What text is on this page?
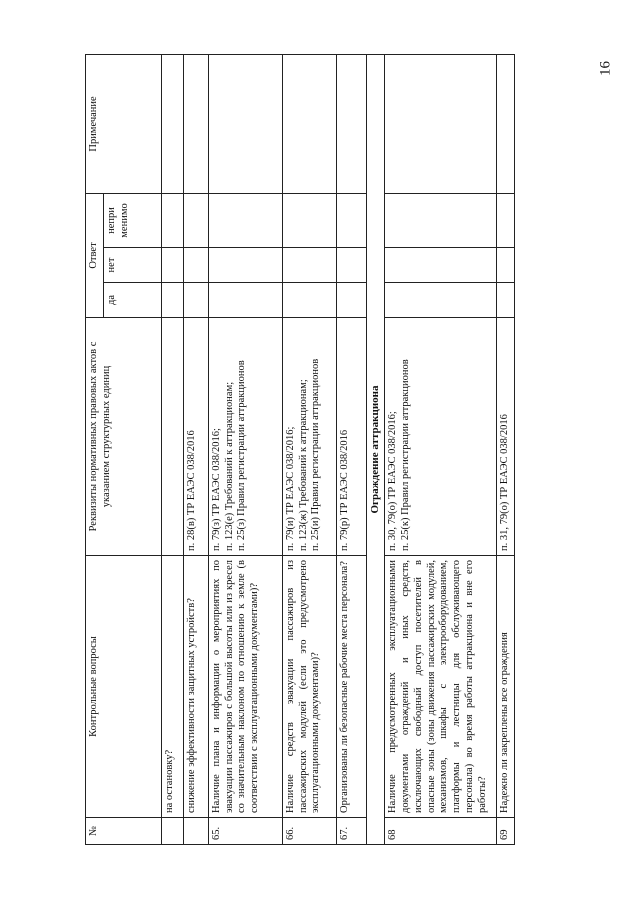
16
№	Контрольные вопросы	Реквизиты нормативных правовых актов с указанием структурных единиц	Ответ			Примечание
			да	нет	непри менимо	
	на остановку?					
	снижение эффективности защитных устройств?	п. 28(в) ТР ЕАЭС 038/2016				

65.	Наличие плана и информации о мероприятиях по эвакуации пассажиров с большой высоты или из кресел со значительным наклоном по отношению к земле (в соответствии с эксплуатационными документами)?	п. 79(з) ТР ЕАЭС 038/2016; п. 123(е) Требований к аттракционам; п. 25(з) Правил регистрации аттракционов				

66.	Наличие средств эвакуации пассажиров из пассажирских модулей (если это предусмотрено эксплуатационными документами)?	п. 79(и) ТР ЕАЭС 038/2016; п. 123(ж) Требований к аттракционам; п. 25(и) Правил регистрации аттракционов				

67.	Организованы ли безопасные рабочие места персонала?	п. 79(р) ТР ЕАЭС 038/2016				

Ограждение аттракциона						
68	Наличие предусмотренных эксплуатационными документами ограждений и иных средств, исключающих свободный доступ посетителей в опасные зоны (зоны движения пассажирских модулей, механизмов, шкафы с электрооборудованием, платформы и лестницы для обслуживающего персонала) во время работы аттракциона и вне его работы?	п. 30, 79(о) ТР ЕАЭС 038/2016; п. 25(к) Правил регистрации аттракционов				

69	Надежно ли закреплены все ограждения	п. 31, 79(о) ТР ЕАЭС 038/2016				
